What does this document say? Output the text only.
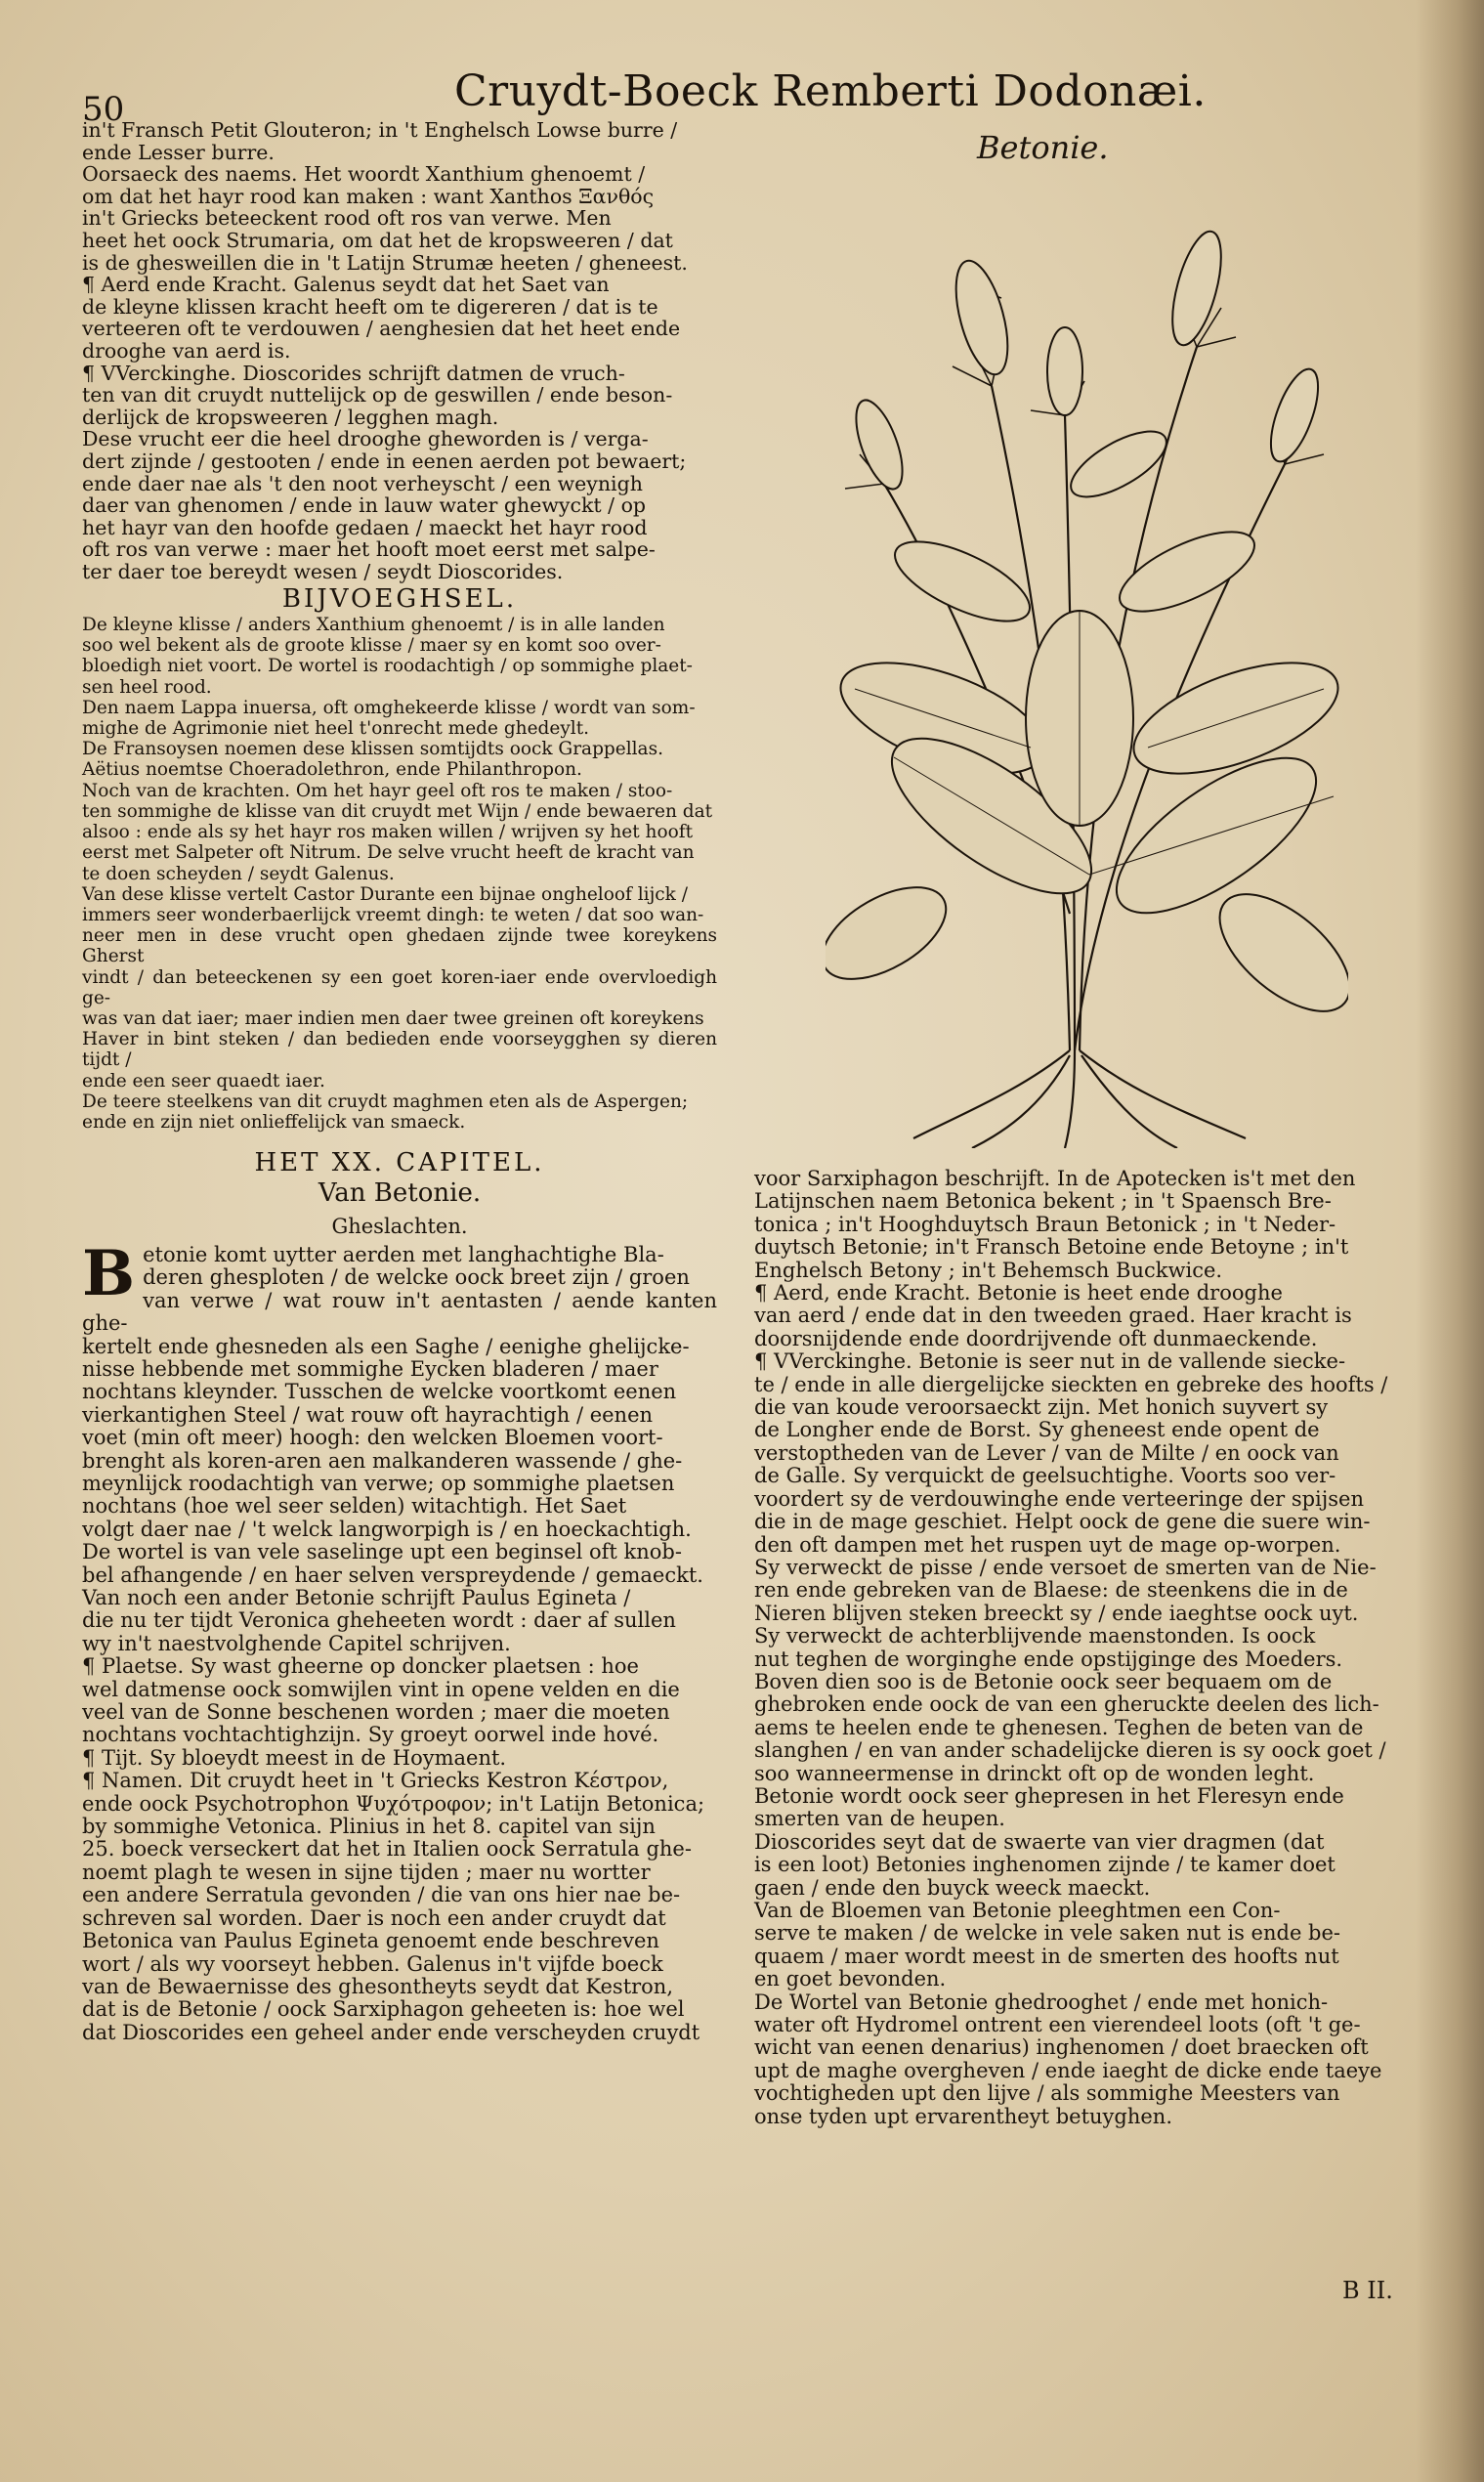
50	Cruydt-Boeck Remberti Dodonæi.

in't Fransch Petit Glouteron; in 't Enghelsch Lowse burre /

ende Lesser burre.

Oorsaeck des naems. Het woordt Xanthium ghenoemt /

om dat het hayr rood kan maken : want Xanthos Ξανθός

in't Griecks beteeckent rood oft ros van verwe. Men

heet het oock Strumaria, om dat het de kropsweeren / dat

is de ghesweillen die in 't Latijn Strumæ heeten / gheneest.

¶ Aerd ende Kracht. Galenus seydt dat het Saet van

de kleyne klissen kracht heeft om te digereren / dat is te

verteeren oft te verdouwen / aenghesien dat het heet ende

drooghe van aerd is.

¶ VVerckinghe. Dioscorides schrijft datmen de vruch-

ten van dit cruydt nuttelijck op de geswillen / ende beson-

derlijck de kropsweeren / legghen magh.

Dese vrucht eer die heel drooghe gheworden is / verga-

dert zijnde / gestooten / ende in eenen aerden pot bewaert;

ende daer nae als 't den noot verheyscht / een weynigh

daer van ghenomen / ende in lauw water ghewyckt / op

het hayr van den hoofde gedaen / maeckt het hayr rood

oft ros van verwe : maer het hooft moet eerst met salpe-

ter daer toe bereydt wesen / seydt Dioscorides.

BIJVOEGHSEL.

De kleyne klisse / anders Xanthium ghenoemt / is in alle landen

soo wel bekent als de groote klisse / maer sy en komt soo over-

bloedigh niet voort. De wortel is roodachtigh / op sommighe plaet-

sen heel rood.

Den naem Lappa inuersa, oft omghekeerde klisse / wordt van som-

mighe de Agrimonie niet heel t'onrecht mede ghedeylt.

De Fransoysen noemen dese klissen somtijdts oock Grappellas.

Aëtius noemtse Choeradolethron, ende Philanthropon.

Noch van de krachten. Om het hayr geel oft ros te maken / stoo-

ten sommighe de klisse van dit cruydt met Wijn / ende bewaeren dat

alsoo : ende als sy het hayr ros maken willen / wrijven sy het hooft

eerst met Salpeter oft Nitrum. De selve vrucht heeft de kracht van

te doen scheyden / seydt Galenus.

Van dese klisse vertelt Castor Durante een bijnae ongheloof lijck /

immers seer wonderbaerlijck vreemt dingh: te weten / dat soo wan-

neer men in dese vrucht open ghedaen zijnde twee koreykens Gherst

vindt / dan beteeckenen sy een goet koren-iaer ende overvloedigh ge-

was van dat iaer; maer indien men daer twee greinen oft koreykens

Haver in bint steken / dan bedieden ende voorseygghen sy dieren tijdt /

ende een seer quaedt iaer.

De teere steelkens van dit cruydt maghmen eten als de Aspergen;

ende en zijn niet onlieffelijck van smaeck.

HET XX. CAPITEL.
Van Betonie.
Gheslachten.
B etonie komt uytter aerden met langhachtighe Bla-

deren ghesploten / de welcke oock breet zijn / groen

van verwe / wat rouw in't aentasten / aende kanten ghe-

kertelt ende ghesneden als een Saghe / eenighe ghelijcke-

nisse hebbende met sommighe Eycken bladeren / maer

nochtans kleynder. Tusschen de welcke voortkomt eenen

vierkantighen Steel / wat rouw oft hayrachtigh / eenen

voet (min oft meer) hoogh: den welcken Bloemen voort-

brenght als koren-aren aen malkanderen wassende / ghe-

meynlijck roodachtigh van verwe; op sommighe plaetsen

nochtans (hoe wel seer selden) witachtigh. Het Saet

volgt daer nae / 't welck langworpigh is / en hoeckachtigh.

De wortel is van vele saselinge upt een beginsel oft knob-

bel afhangende / en haer selven verspreydende / gemaeckt.

Van noch een ander Betonie schrijft Paulus Egineta /

die nu ter tijdt Veronica gheheeten wordt : daer af sullen

wy in't naestvolghende Capitel schrijven.

¶ Plaetse. Sy wast gheerne op doncker plaetsen : hoe

wel datmense oock somwijlen vint in opene velden en die

veel van de Sonne beschenen worden ; maer die moeten

nochtans vochtachtighzijn. Sy groeyt oorwel inde hové.

¶ Tijt. Sy bloeydt meest in de Hoymaent.

¶ Namen. Dit cruydt heet in 't Griecks Kestron Κέστρον,

ende oock Psychotrophon Ψυχότροφον; in't Latijn Betonica;

by sommighe Vetonica. Plinius in het 8. capitel van sijn

25. boeck verseckert dat het in Italien oock Serratula ghe-

noemt plagh te wesen in sijne tijden ; maer nu wortter

een andere Serratula gevonden / die van ons hier nae be-

schreven sal worden. Daer is noch een ander cruydt dat

Betonica van Paulus Egineta genoemt ende beschreven

wort / als wy voorseyt hebben. Galenus in't vijfde boeck

van de Bewaernisse des ghesontheyts seydt dat Kestron,

dat is de Betonie / oock Sarxiphagon geheeten is: hoe wel

dat Dioscorides een geheel ander ende verscheyden cruydt

Betonie.

voor Sarxiphagon beschrijft. In de Apotecken is't met den

Latijnschen naem Betonica bekent ; in 't Spaensch Bre-

tonica ; in't Hooghduytsch Braun Betonick ; in 't Neder-

duytsch Betonie; in't Fransch Betoine ende Betoyne ; in't

Enghelsch Betony ; in't Behemsch Buckwice.

¶ Aerd, ende Kracht. Betonie is heet ende drooghe

van aerd / ende dat in den tweeden graed. Haer kracht is

doorsnijdende ende doordrijvende oft dunmaeckende.

¶ VVerckinghe. Betonie is seer nut in de vallende siecke-

te / ende in alle diergelijcke sieckten en gebreke des hoofts /

die van koude veroorsaeckt zijn. Met honich suyvert sy

de Longher ende de Borst. Sy gheneest ende opent de

verstoptheden van de Lever / van de Milte / en oock van

de Galle. Sy verquickt de geelsuchtighe. Voorts soo ver-

voordert sy de verdouwinghe ende verteeringe der spijsen

die in de mage geschiet. Helpt oock de gene die suere win-

den oft dampen met het ruspen uyt de mage op-worpen.

Sy verweckt de pisse / ende versoet de smerten van de Nie-

ren ende gebreken van de Blaese: de steenkens die in de

Nieren blijven steken breeckt sy / ende iaeghtse oock uyt.

Sy verweckt de achterblijvende maenstonden. Is oock

nut teghen de worginghe ende opstijginge des Moeders.

Boven dien soo is de Betonie oock seer bequaem om de

ghebroken ende oock de van een gheruckte deelen des lich-

aems te heelen ende te ghenesen. Teghen de beten van de

slanghen / en van ander schadelijcke dieren is sy oock goet /

soo wanneermense in drinckt oft op de wonden leght.

Betonie wordt oock seer ghepresen in het Fleresyn ende

smerten van de heupen.

Dioscorides seyt dat de swaerte van vier dragmen (dat

is een loot) Betonies inghenomen zijnde / te kamer doet

gaen / ende den buyck weeck maeckt.

Van de Bloemen van Betonie pleeghtmen een Con-

serve te maken / de welcke in vele saken nut is ende be-

quaem / maer wordt meest in de smerten des hoofts nut

en goet bevonden.

De Wortel van Betonie ghedrooghet / ende met honich-

water oft Hydromel ontrent een vierendeel loots (oft 't ge-

wicht van eenen denarius) inghenomen / doet braecken oft

upt de maghe overgheven / ende iaeght de dicke ende taeye

vochtigheden upt den lijve / als sommighe Meesters van

onse tyden upt ervarentheyt betuyghen.

B II.
